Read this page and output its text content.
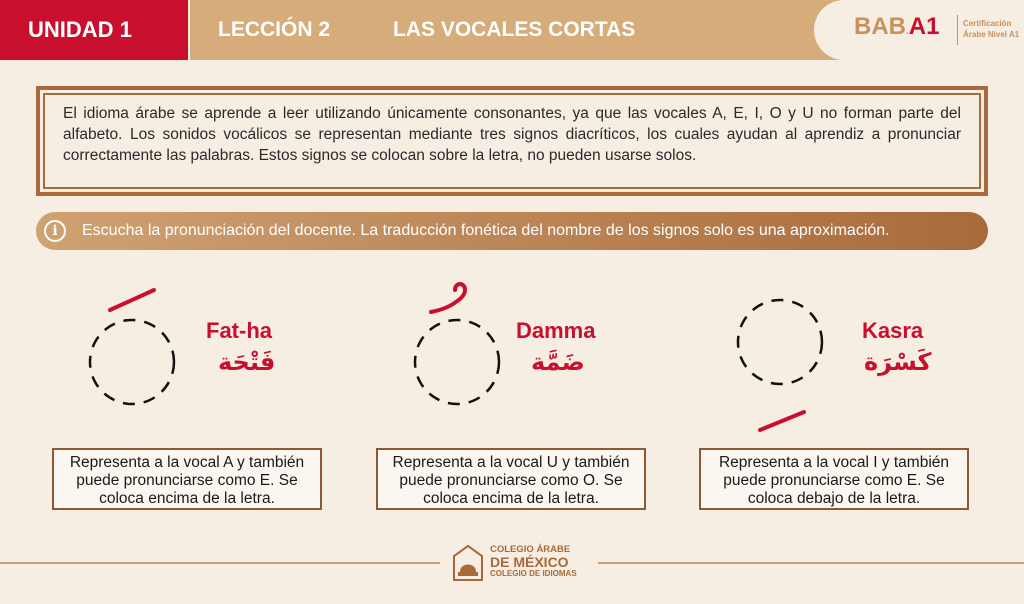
UNIDAD 1	LECCIÓN 2	LAS VOCALES CORTAS	BAB.A1	Certificación
Árabe Nivel A1
El idioma árabe se aprende a leer utilizando únicamente consonantes, ya que las vocales A, E, I, O y U no forman parte del alfabeto. Los sonidos vocálicos se representan mediante tres signos diacríticos, los cuales ayudan al aprendiz a pronunciar correctamente las palabras. Estos signos se colocan sobre la letra, no pueden usarse solos.
i	Escucha la pronunciación del docente. La traducción fonética del nombre de los signos solo es una aproximación.
Fat-ha
فَتْحَة
Representa a la vocal A y también puede pronunciarse como E. Se coloca encima de la letra.
Damma
ضَمَّة
Representa a la vocal U y también puede pronunciarse como O. Se coloca encima de la letra.
Kasra
كَسْرَة
Representa a la vocal I y también puede pronunciarse como E. Se coloca debajo de la letra.
COLEGIO ÁRABE
DE MÉXICO
COLEGIO DE IDIOMAS
